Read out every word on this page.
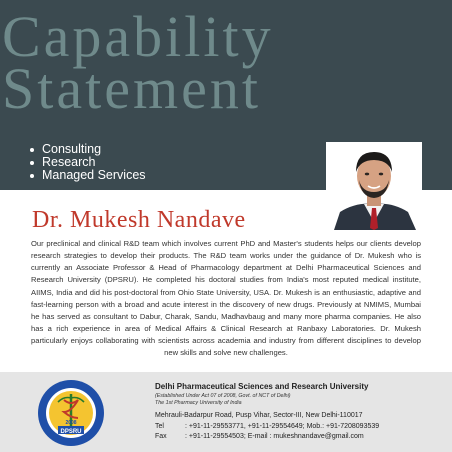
Capability
Statement
Consulting
Research
Managed Services
Dr. Mukesh Nandave

Our preclinical and clinical R&D team which involves current PhD and Master's students helps our clients develop research strategies to develop their products. The R&D team works under the guidance of Dr. Mukesh who is currently an Associate Professor & Head of Pharmacology department at Delhi Pharmaceutical Sciences and Research University (DPSRU). He completed his doctoral studies from India's most reputed medical institute, AIIMS, India and did his post-doctoral from Ohio State University, USA. Dr. Mukesh is an enthusiastic, adaptive and fast-learning person with a broad and acute interest in the discovery of new drugs. Previously at NMIMS, Mumbai he has served as consultant to Dabur, Charak, Sandu, Madhavbaug and many more pharma companies. He also has a rich experience in area of Medical Affairs & Clinical Research at Ranbaxy Laboratories. Dr. Mukesh particularly enjoys collaborating with scientists across academia and industry from different disciplines to develop new skills and solve new challenges.

DPSRU
2008
Delhi Pharmaceutical Sciences and Research University
(Established Under Act 07 of 2008, Govt. of NCT of Delhi)
The 1st Pharmacy University of India
Mehrauli-Badarpur Road, Pusp Vihar, Sector-III, New Delhi-110017
Tel	: +91-11-29553771, +91-11-29554649; Mob.: +91-7208093539
Fax	: +91-11-29554503; E-mail : mukeshnandave@gmail.com
